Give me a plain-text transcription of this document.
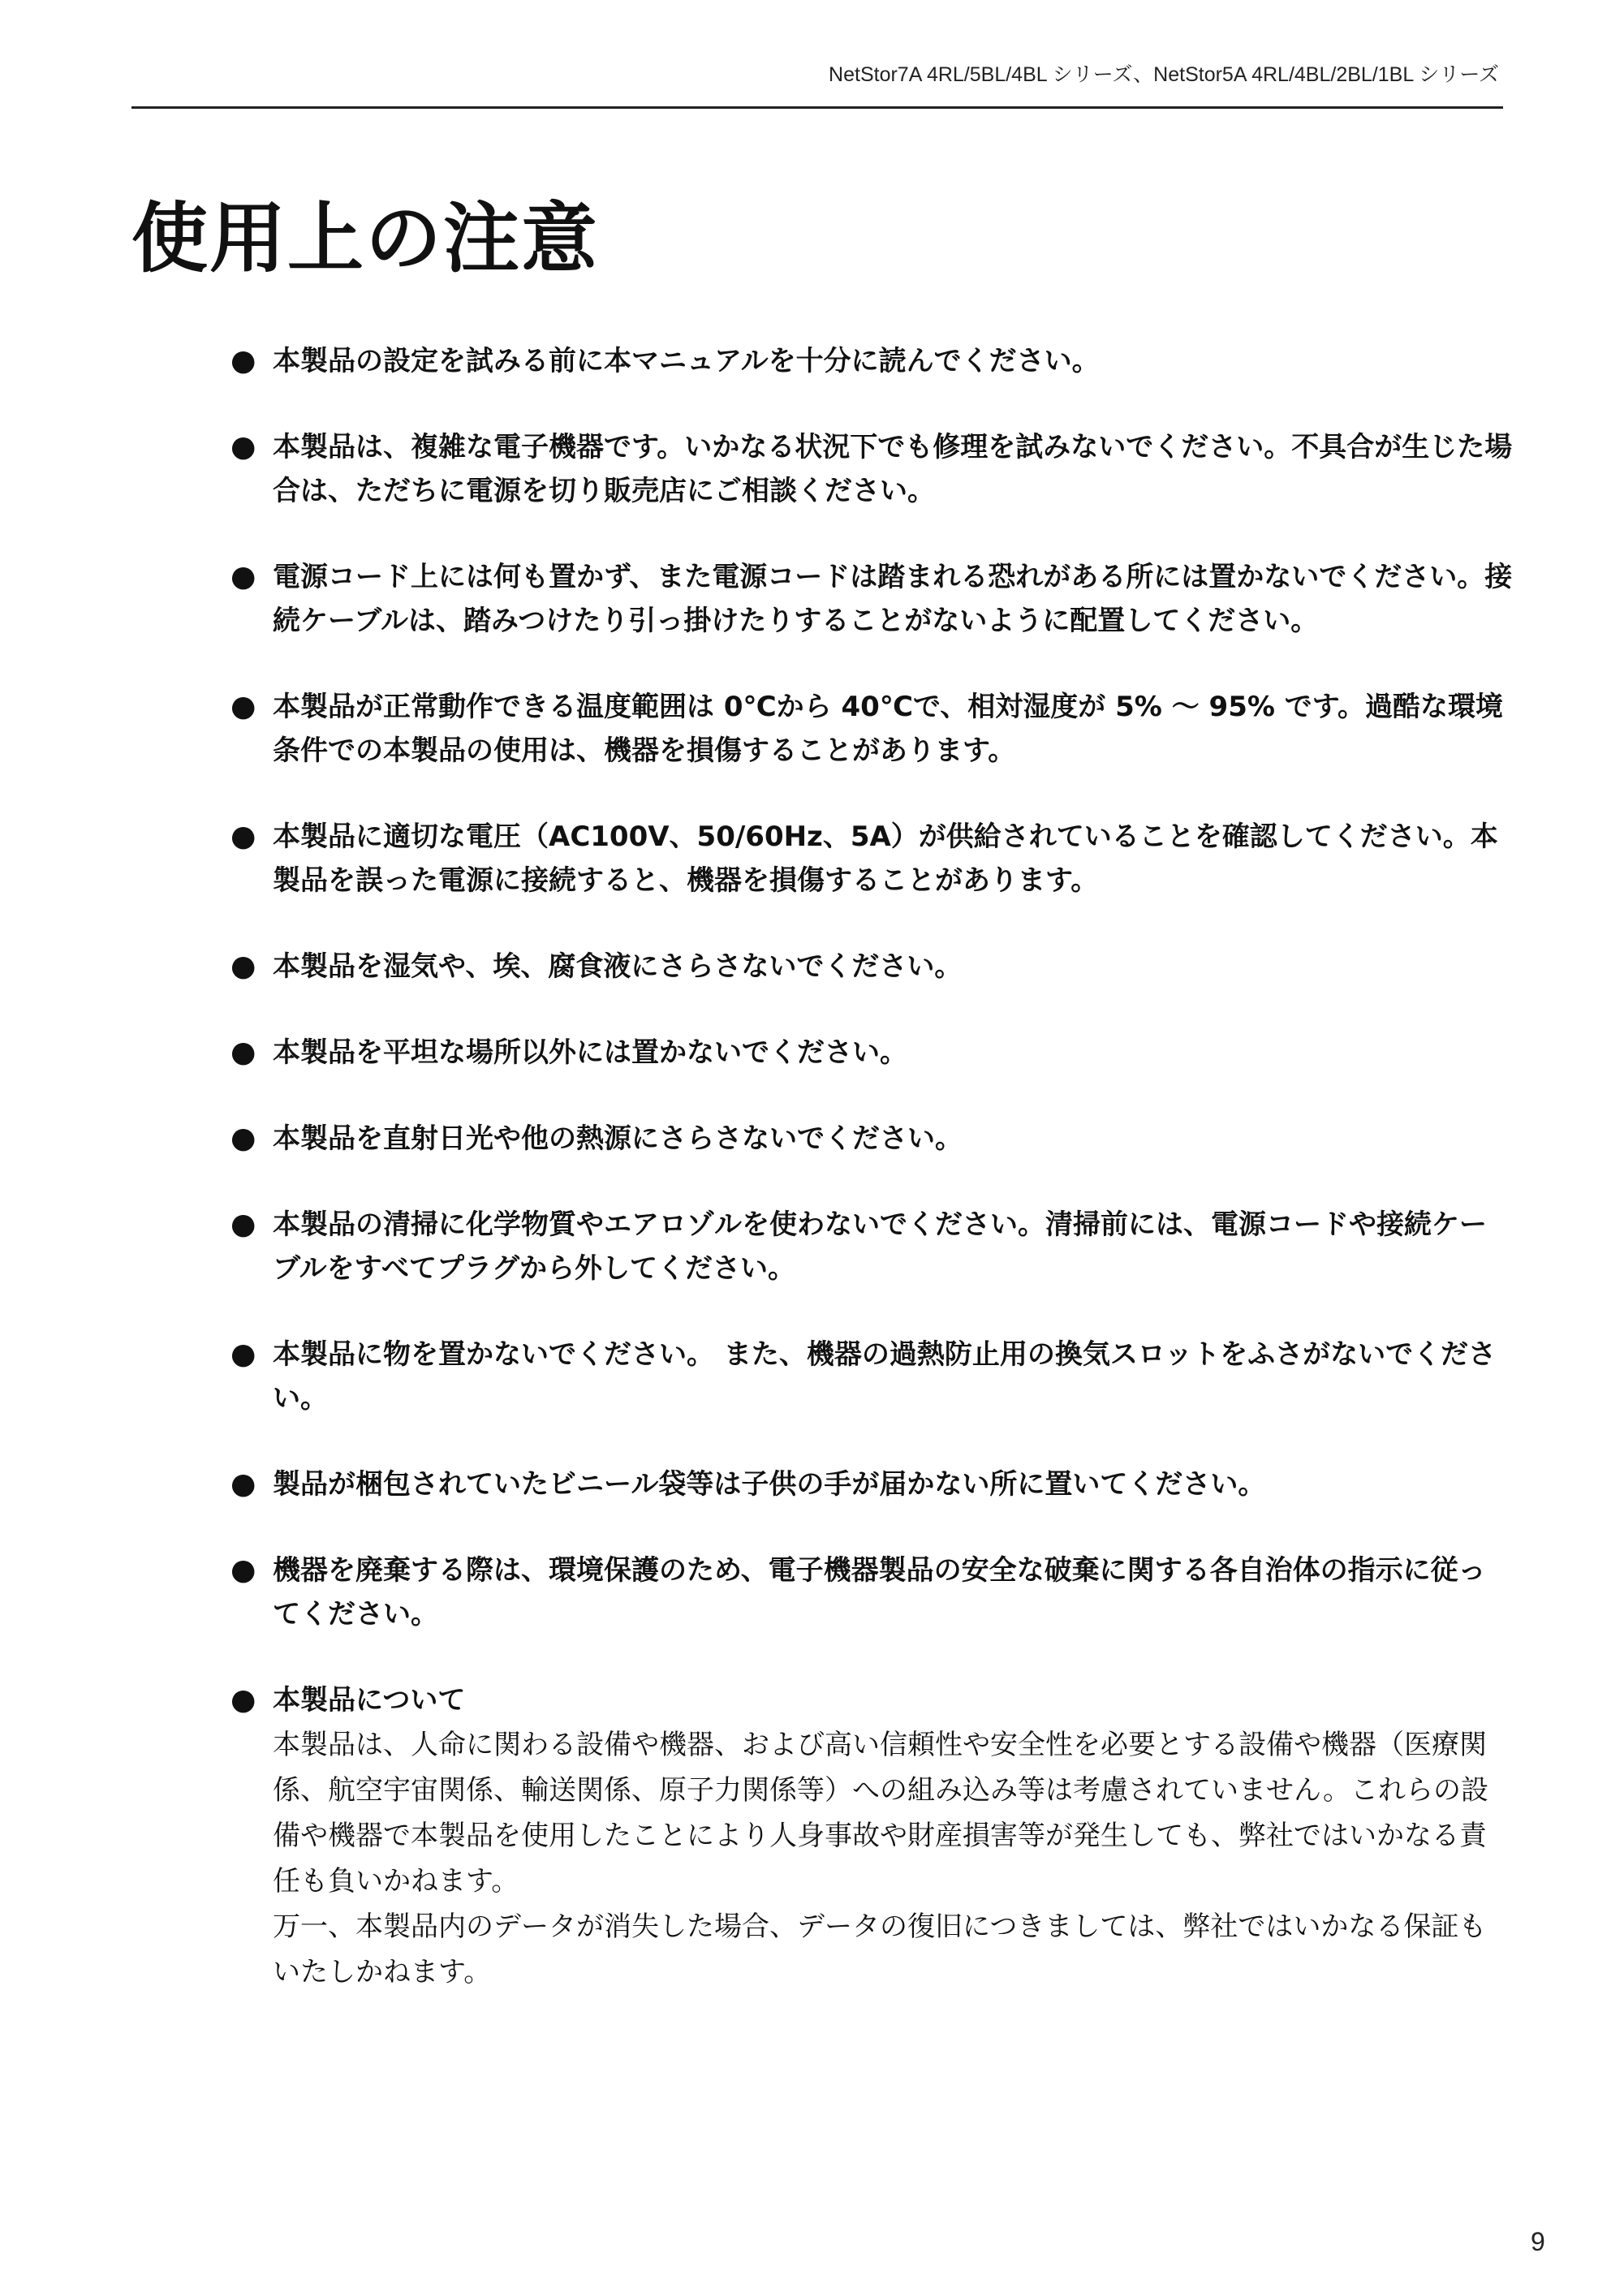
NetStor7A 4RL/5BL/4BL シリーズ、NetStor5A 4RL/4BL/2BL/1BL シリーズ
使用上の注意
● 本製品の設定を試みる前に本マニュアルを十分に読んでください。
● 本製品は、複雑な電子機器です。いかなる状況下でも修理を試みないでください。不具合が生じた場合は、ただちに電源を切り販売店にご相談ください。
● 電源コード上には何も置かず、また電源コードは踏まれる恐れがある所には置かないでください。接続ケーブルは、踏みつけたり引っ掛けたりすることがないように配置してください。
● 本製品が正常動作できる温度範囲は 0℃から 40℃で、相対湿度が 5% 〜 95% です。過酷な環境条件での本製品の使用は、機器を損傷することがあります。
● 本製品に適切な電圧（AC100V、50/60Hz、5A）が供給されていることを確認してください。本製品を誤った電源に接続すると、機器を損傷することがあります。
● 本製品を湿気や、埃、腐食液にさらさないでください。
● 本製品を平坦な場所以外には置かないでください。
● 本製品を直射日光や他の熱源にさらさないでください。
● 本製品の清掃に化学物質やエアロゾルを使わないでください。清掃前には、電源コードや接続ケーブルをすべてプラグから外してください。
● 本製品に物を置かないでください。 また、機器の過熱防止用の換気スロットをふさがないでください。
● 製品が梱包されていたビニール袋等は子供の手が届かない所に置いてください。
● 機器を廃棄する際は、環境保護のため、電子機器製品の安全な破棄に関する各自治体の指示に従ってください。
● 本製品について
本製品は、人命に関わる設備や機器、および高い信頼性や安全性を必要とする設備や機器（医療関係、航空宇宙関係、輸送関係、原子力関係等）への組み込み等は考慮されていません。これらの設備や機器で本製品を使用したことにより人身事故や財産損害等が発生しても、弊社ではいかなる責任も負いかねます。
万一、本製品内のデータが消失した場合、データの復旧につきましては、弊社ではいかなる保証もいたしかねます。
9
